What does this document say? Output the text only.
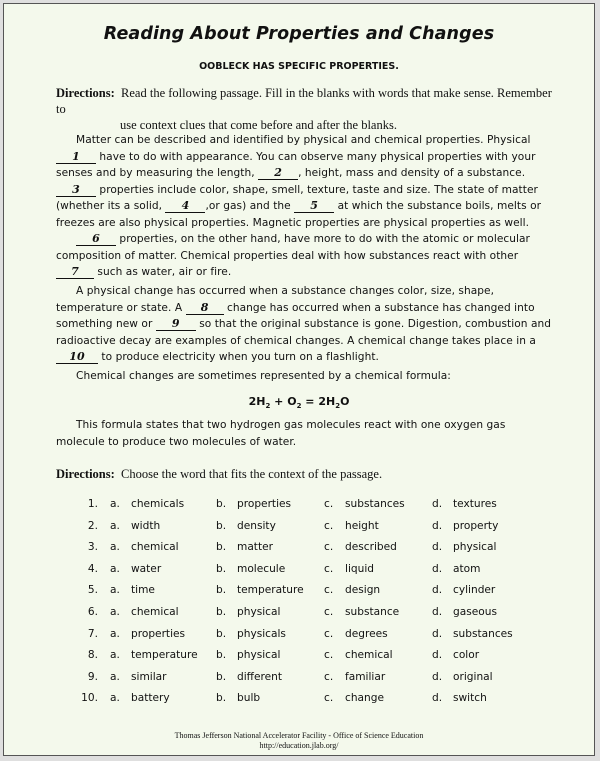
Reading About Properties and Changes
OOBLECK HAS SPECIFIC PROPERTIES.
Directions: Read the following passage. Fill in the blanks with words that make sense. Remember to
use context clues that come before and after the blanks.
Matter can be described and identified by physical and chemical properties. Physical 1 have to do with appearance. You can observe many physical properties with your senses and by measuring the length, 2 , height, mass and density of a substance. 3 properties include color, shape, smell, texture, taste and size. The state of matter (whether its a solid, 4 ,or gas) and the 5 at which the substance boils, melts or freezes are also physical properties. Magnetic properties are physical properties as well.
6 properties, on the other hand, have more to do with the atomic or molecular composition of matter. Chemical properties deal with how substances react with other 7 such as water, air or fire.
A physical change has occurred when a substance changes color, size, shape, temperature or state. A 8 change has occurred when a substance has changed into something new or 9 so that the original substance is gone. Digestion, combustion and radioactive decay are examples of chemical changes. A chemical change takes place in a 10 to produce electricity when you turn on a flashlight.
Chemical changes are sometimes represented by a chemical formula:
$2H_2 + O_2 = 2H_2O$
This formula states that two hydrogen gas molecules react with one oxygen gas molecule to produce two molecules of water.
Directions: Choose the word that fits the context of the passage.
1. a. chemicals	b. properties	c. substances	d. textures
2. a. width	b. density	c. height	d. property
3. a. chemical	b. matter	c. described	d. physical
4. a. water	b. molecule	c. liquid	d. atom
5. a. time	b. temperature c. design	d. cylinder
6. a. chemical	b. physical	c. substance	d. gaseous
7. a. properties	b. physicals	c. degrees	d. substances
8. a. temperature b. physical	c. chemical	d. color
9. a. similar	b. different	c. familiar	d. original
10. a. battery	b. bulb	c. change	d. switch
Thomas Jefferson National Accelerator Facility - Office of Science Education
http://education.jlab.org/
